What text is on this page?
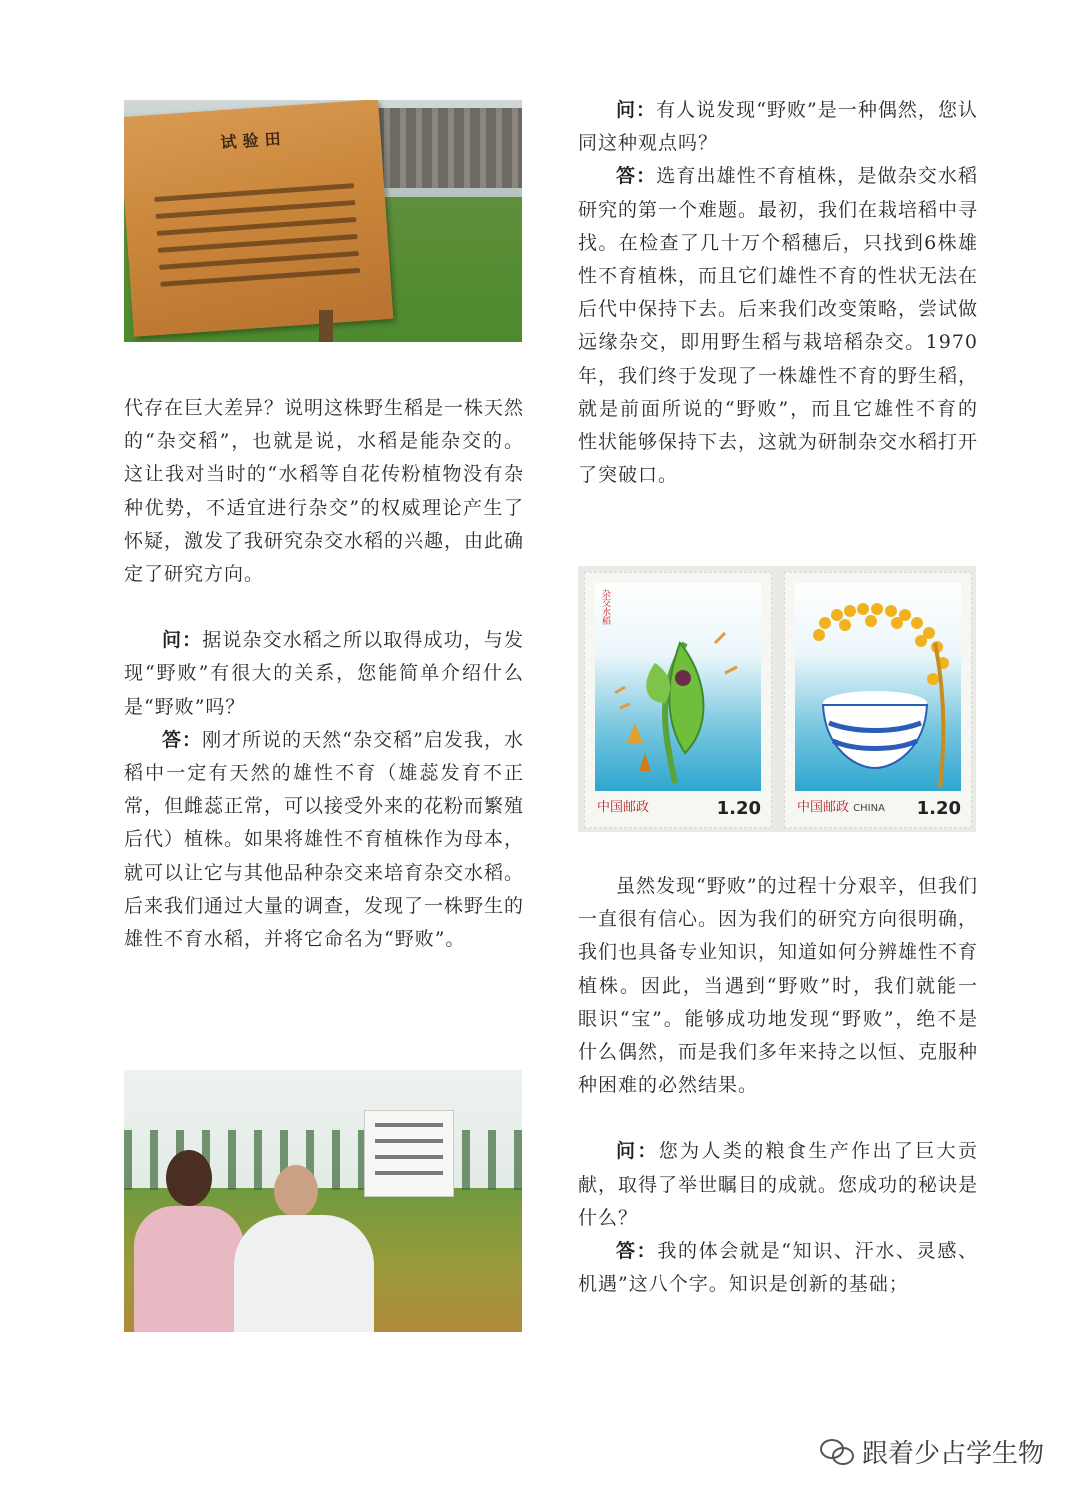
试验田

代存在巨大差异？说明这株野生稻是一株天然的“杂交稻”，也就是说，水稻是能杂交的。这让我对当时的“水稻等自花传粉植物没有杂种优势，不适宜进行杂交”的权威理论产生了怀疑，激发了我研究杂交水稻的兴趣，由此确定了研究方向。

问：据说杂交水稻之所以取得成功，与发现“野败”有很大的关系，您能简单介绍什么是“野败”吗？

答：刚才所说的天然“杂交稻”启发我，水稻中一定有天然的雄性不育（雄蕊发育不正常，但雌蕊正常，可以接受外来的花粉而繁殖后代）植株。如果将雄性不育植株作为母本，就可以让它与其他品种杂交来培育杂交水稻。后来我们通过大量的调查，发现了一株野生的雄性不育水稻，并将它命名为“野败”。

问：有人说发现“野败”是一种偶然，您认同这种观点吗？

答：选育出雄性不育植株，是做杂交水稻研究的第一个难题。最初，我们在栽培稻中寻找。在检查了几十万个稻穗后，只找到6株雄性不育植株，而且它们雄性不育的性状无法在后代中保持下去。后来我们改变策略，尝试做远缘杂交，即用野生稻与栽培稻杂交。1970年，我们终于发现了一株雄性不育的野生稻，就是前面所说的“野败”，而且它雄性不育的性状能够保持下去，这就为研制杂交水稻打开了突破口。

杂交水稻
中国邮政	1.20	中国邮政 CHINA	1.20

虽然发现“野败”的过程十分艰辛，但我们一直很有信心。因为我们的研究方向很明确，我们也具备专业知识，知道如何分辨雄性不育植株。因此，当遇到“野败”时，我们就能一眼识“宝”。能够成功地发现“野败”，绝不是什么偶然，而是我们多年来持之以恒、克服种种困难的必然结果。

问：您为人类的粮食生产作出了巨大贡献，取得了举世瞩目的成就。您成功的秘诀是什么？

答：我的体会就是“知识、汗水、灵感、机遇”这八个字。知识是创新的基础；

跟着少占学生物
